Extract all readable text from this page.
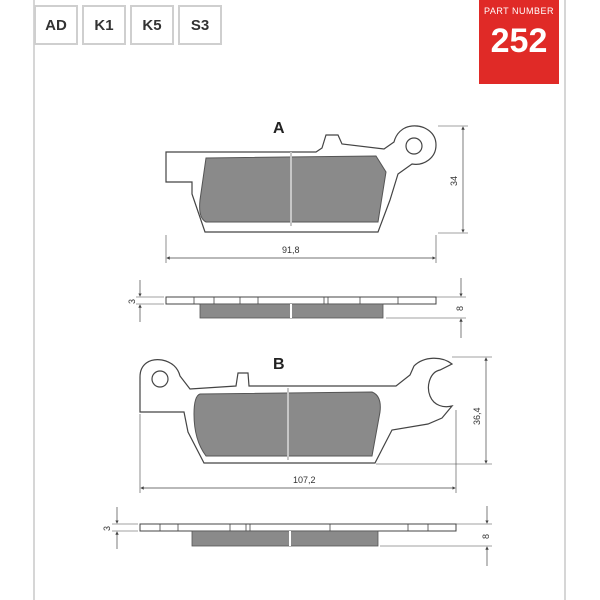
AD	K1	K5	S3
PART NUMBER
252
A
34
91,8
3
8
B
36,4
107,2
3
8
